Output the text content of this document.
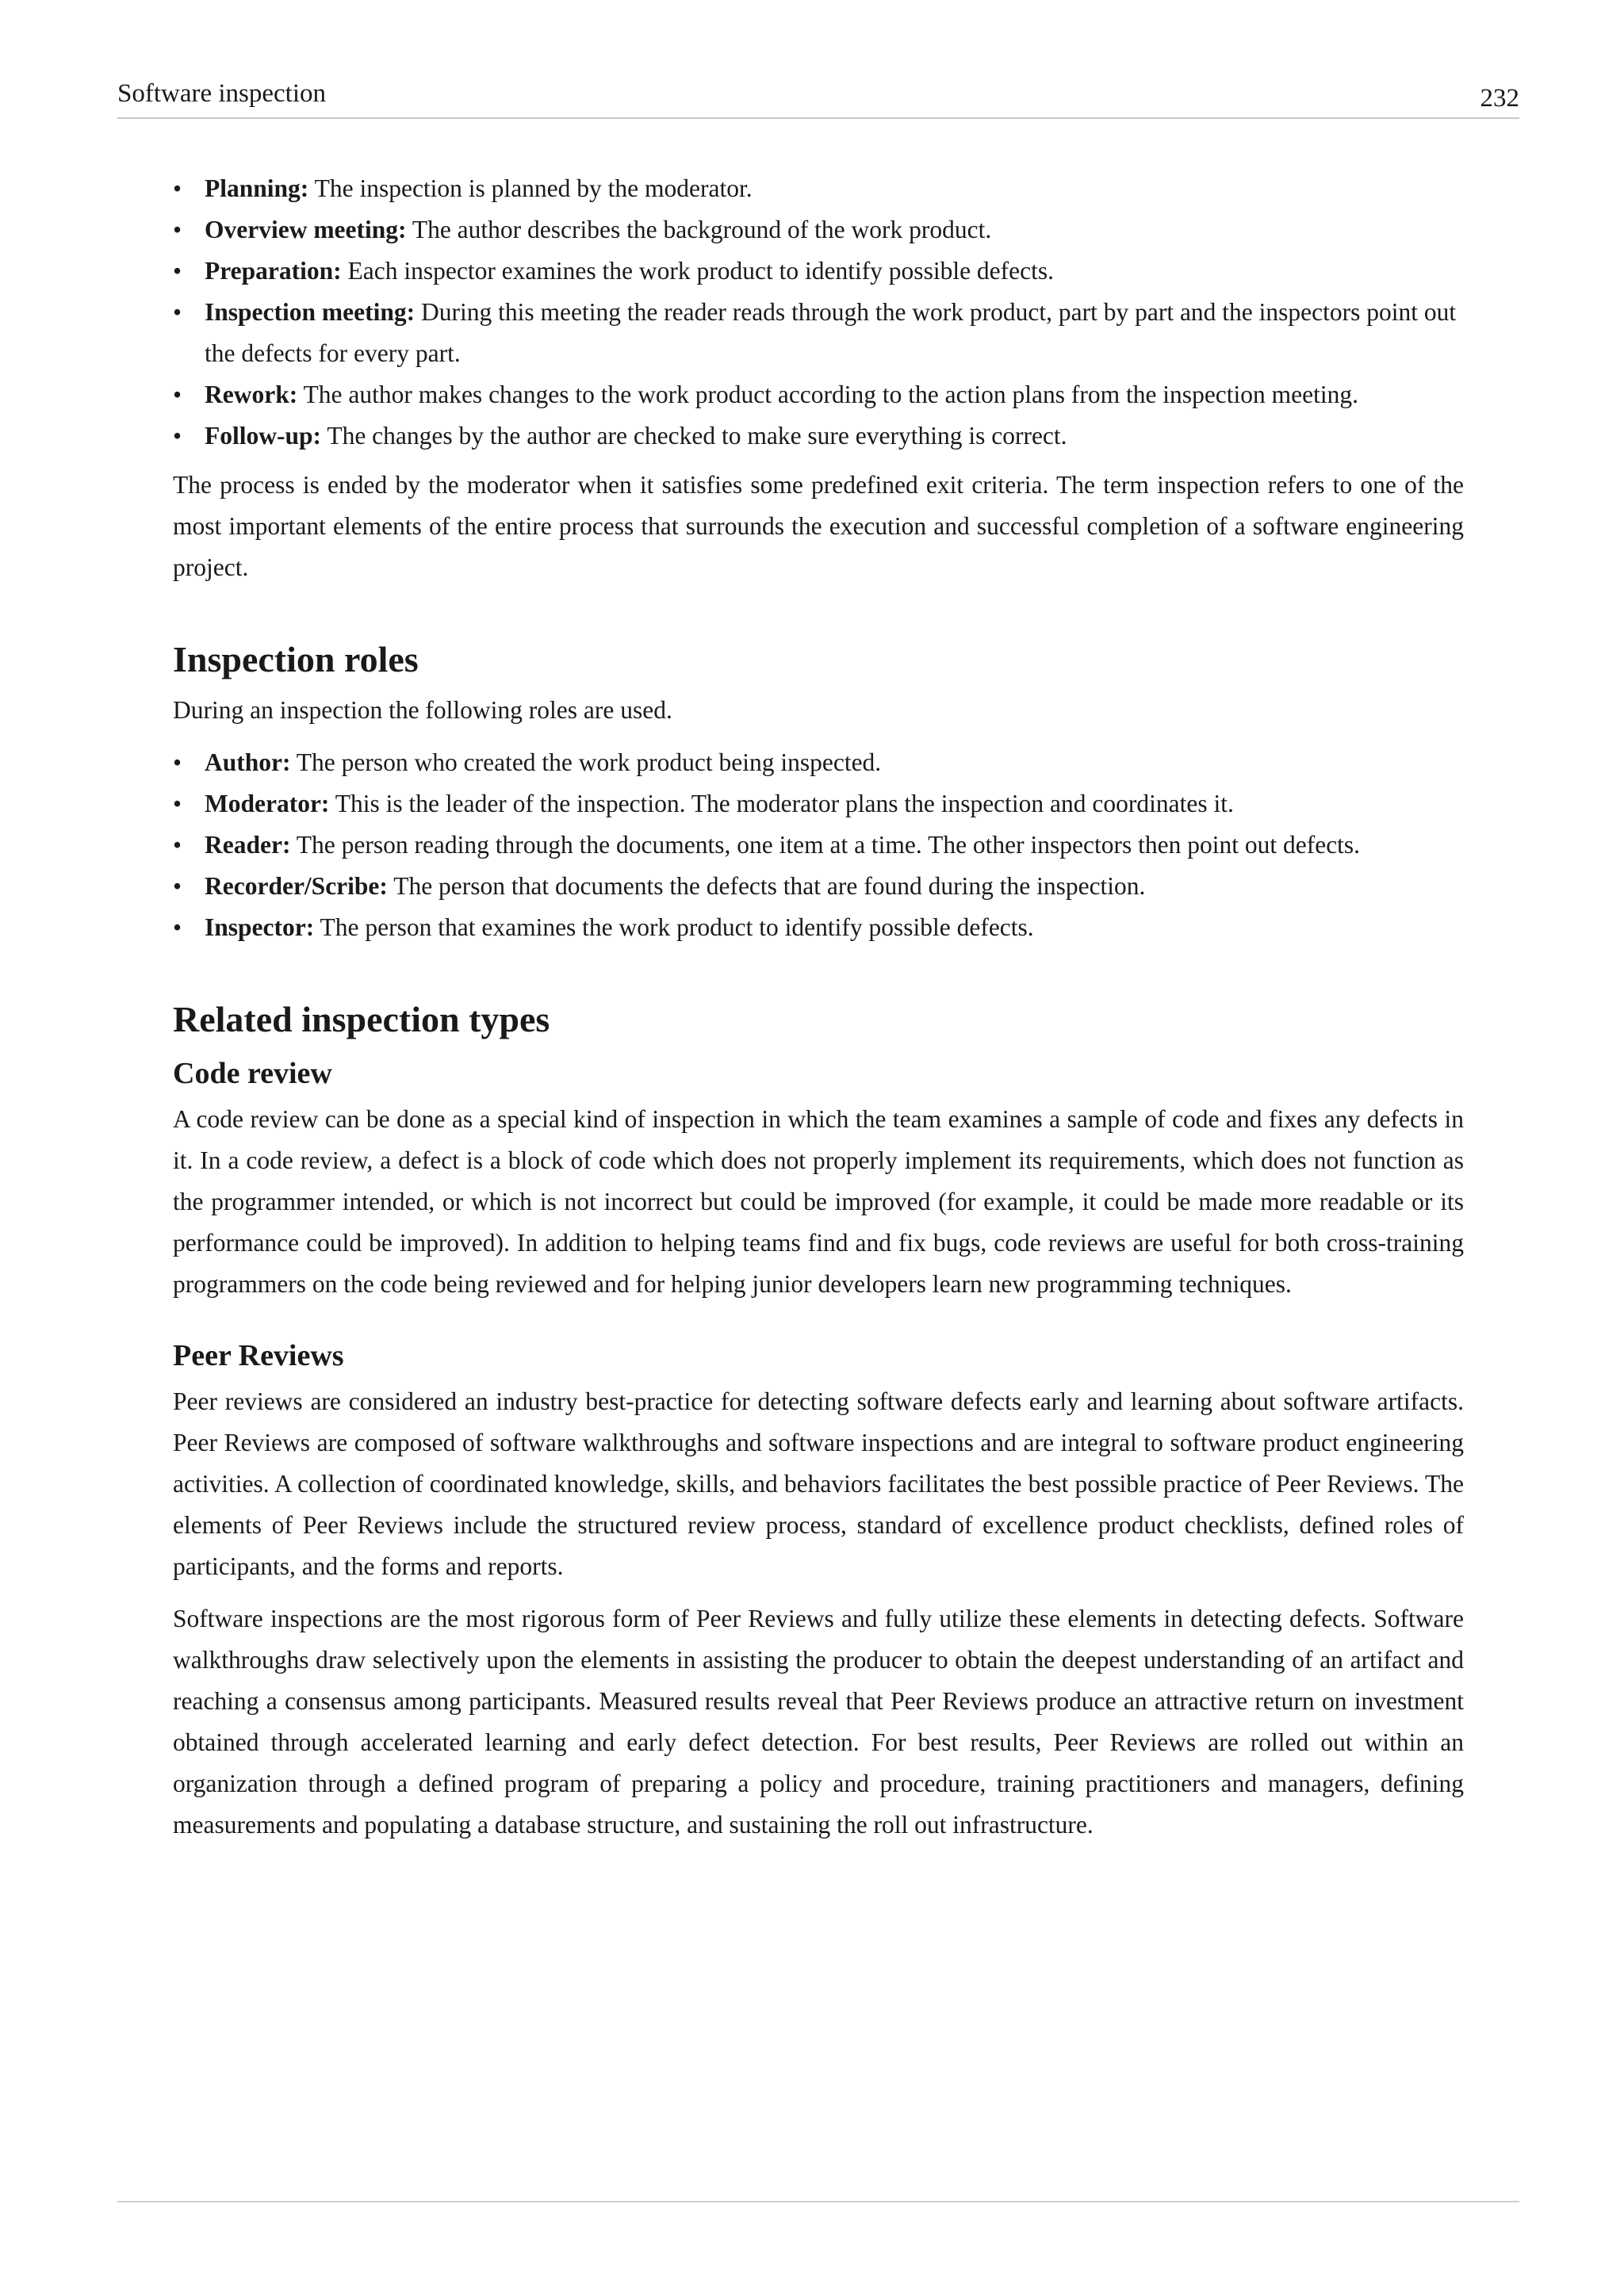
Software inspection	232
• Planning: The inspection is planned by the moderator.
• Overview meeting: The author describes the background of the work product.
• Preparation: Each inspector examines the work product to identify possible defects.
• Inspection meeting: During this meeting the reader reads through the work product, part by part and the inspectors point out the defects for every part.
• Rework: The author makes changes to the work product according to the action plans from the inspection meeting.
• Follow-up: The changes by the author are checked to make sure everything is correct.

The process is ended by the moderator when it satisfies some predefined exit criteria. The term inspection refers to one of the most important elements of the entire process that surrounds the execution and successful completion of a software engineering project.

Inspection roles

During an inspection the following roles are used.

• Author: The person who created the work product being inspected.
• Moderator: This is the leader of the inspection. The moderator plans the inspection and coordinates it.
• Reader: The person reading through the documents, one item at a time. The other inspectors then point out defects.
• Recorder/Scribe: The person that documents the defects that are found during the inspection.
• Inspector: The person that examines the work product to identify possible defects.
Related inspection types
Code review

A code review can be done as a special kind of inspection in which the team examines a sample of code and fixes any defects in it. In a code review, a defect is a block of code which does not properly implement its requirements, which does not function as the programmer intended, or which is not incorrect but could be improved (for example, it could be made more readable or its performance could be improved). In addition to helping teams find and fix bugs, code reviews are useful for both cross-training programmers on the code being reviewed and for helping junior developers learn new programming techniques.

Peer Reviews

Peer reviews are considered an industry best-practice for detecting software defects early and learning about software artifacts. Peer Reviews are composed of software walkthroughs and software inspections and are integral to software product engineering activities. A collection of coordinated knowledge, skills, and behaviors facilitates the best possible practice of Peer Reviews. The elements of Peer Reviews include the structured review process, standard of excellence product checklists, defined roles of participants, and the forms and reports.

Software inspections are the most rigorous form of Peer Reviews and fully utilize these elements in detecting defects. Software walkthroughs draw selectively upon the elements in assisting the producer to obtain the deepest understanding of an artifact and reaching a consensus among participants. Measured results reveal that Peer Reviews produce an attractive return on investment obtained through accelerated learning and early defect detection. For best results, Peer Reviews are rolled out within an organization through a defined program of preparing a policy and procedure, training practitioners and managers, defining measurements and populating a database structure, and sustaining the roll out infrastructure.
